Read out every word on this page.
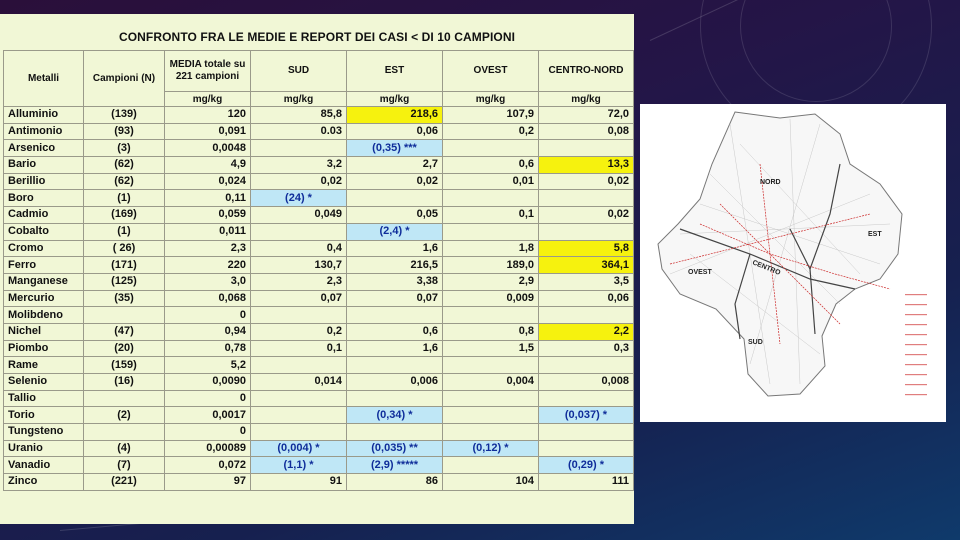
CONFRONTO FRA LE MEDIE E REPORT DEI CASI < DI 10 CAMPIONI
Metalli	Campioni (N)	MEDIA totale su 221 campioni	SUD	EST	OVEST	CENTRO-NORD
		mg/kg	mg/kg	mg/kg	mg/kg	mg/kg
Alluminio	(139)	120	85,8	218,6	107,9	72,0
Antimonio	(93)	0,091	0.03	0,06	0,2	0,08
Arsenico	(3)	0,0048		(0,35) ***		
Bario	(62)	4,9	3,2	2,7	0,6	13,3
Berillio	(62)	0,024	0,02	0,02	0,01	0,02
Boro	(1)	0,11	(24) *			
Cadmio	(169)	0,059	0,049	0,05	0,1	0,02
Cobalto	(1)	0,011		(2,4) *		
Cromo	( 26)	2,3	0,4	1,6	1,8	5,8
Ferro	(171)	220	130,7	216,5	189,0	364,1
Manganese	(125)	3,0	2,3	3,38	2,9	3,5
Mercurio	(35)	0,068	0,07	0,07	0,009	0,06
Molibdeno		0				
Nichel	(47)	0,94	0,2	0,6	0,8	2,2
Piombo	(20)	0,78	0,1	1,6	1,5	0,3
Rame	(159)	5,2				
Selenio	(16)	0,0090	0,014	0,006	0,004	0,008
Tallio		0				
Torio	(2)	0,0017		(0,34) *		(0,037) *
Tungsteno		0				
Uranio	(4)	0,00089	(0,004) *	(0,035) **	(0,12) *	
Vanadio	(7)	0,072	(1,1) *	(2,9) *****		(0,29) *
Zinco	(221)	97	91	86	104	111
NORD
EST
OVEST	CENTRO
SUD
